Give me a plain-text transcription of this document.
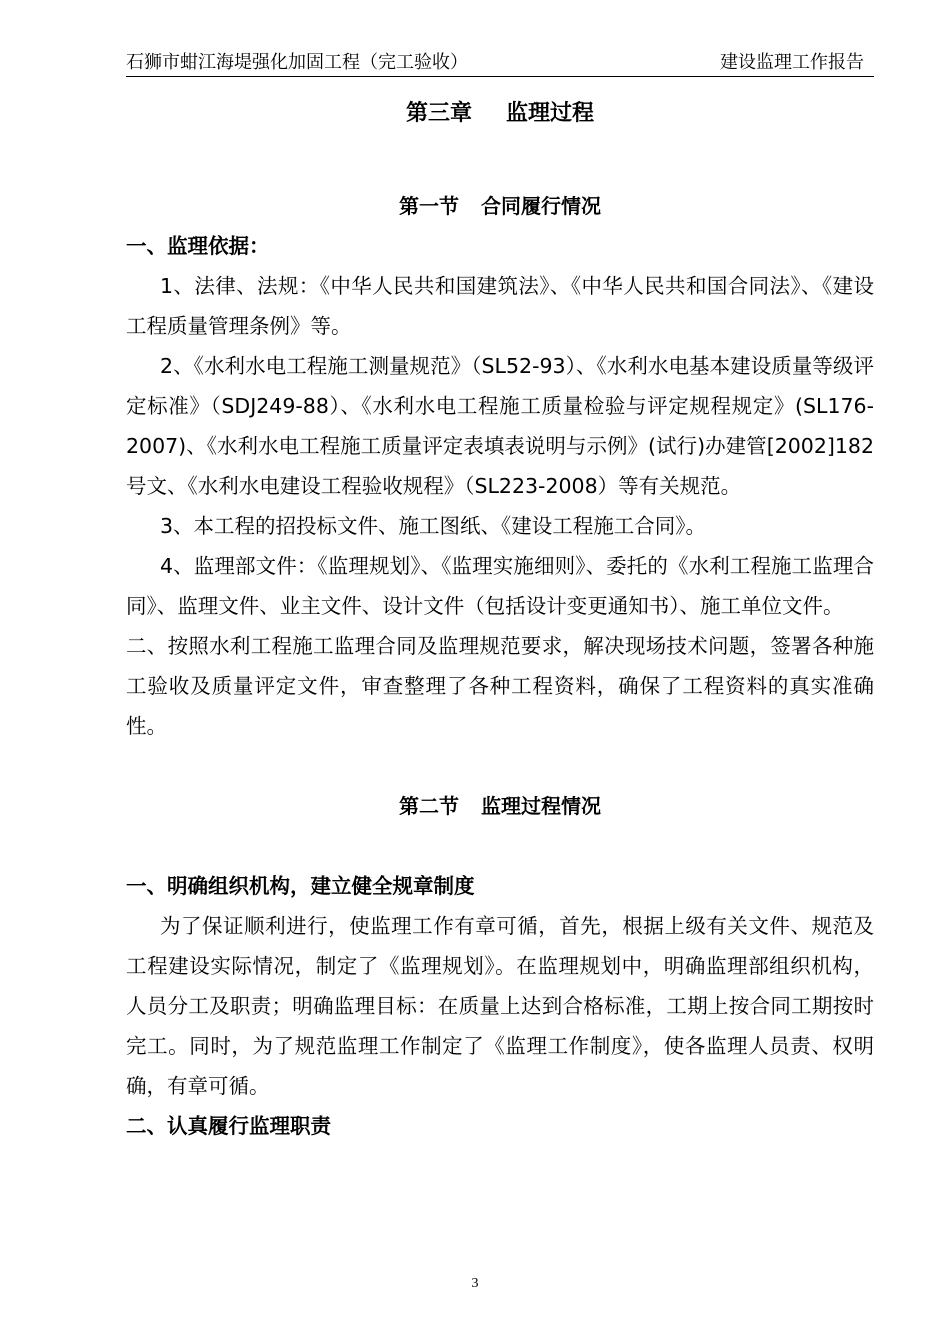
石狮市蚶江海堤强化加固工程（完工验收）	建设监理工作报告
第三章 监理过程
第一节 合同履行情况
一、监理依据：
1、法律、法规：《中华人民共和国建筑法》、《中华人民共和国合同法》、《建设工程质量管理条例》等。
2、《水利水电工程施工测量规范》（SL52-93）、《水利水电基本建设质量等级评定标准》（SDJ249-88）、《水利水电工程施工质量检验与评定规程规定》(SL176-2007)、《水利水电工程施工质量评定表填表说明与示例》(试行)办建管[2002]182号文、《水利水电建设工程验收规程》（SL223-2008）等有关规范。
3、本工程的招投标文件、施工图纸、《建设工程施工合同》。
4、监理部文件：《监理规划》、《监理实施细则》、委托的《水利工程施工监理合同》、监理文件、业主文件、设计文件（包括设计变更通知书）、施工单位文件。
二、按照水利工程施工监理合同及监理规范要求，解决现场技术问题，签署各种施工验收及质量评定文件，审查整理了各种工程资料，确保了工程资料的真实准确性。
第二节 监理过程情况
一、明确组织机构，建立健全规章制度
为了保证顺利进行，使监理工作有章可循，首先，根据上级有关文件、规范及工程建设实际情况，制定了《监理规划》。在监理规划中，明确监理部组织机构，人员分工及职责；明确监理目标：在质量上达到合格标准，工期上按合同工期按时完工。同时，为了规范监理工作制定了《监理工作制度》，使各监理人员责、权明确，有章可循。
二、认真履行监理职责
3
